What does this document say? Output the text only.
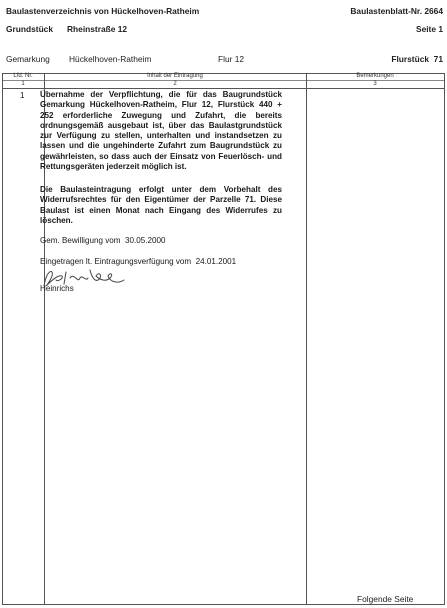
Baulastenverzeichnis von Hückelhoven-Ratheim	Baulastenblatt-Nr. 2664
Grundstück Rheinstraße 12	Seite 1
Gemarkung Hückelhoven-Ratheim	Flur 12	Flurstück  71
Lfd. Nr.	Inhalt der Eintragung	Bemerkungen
1	2	3
1 Übernahme der Verpflichtung, die für das Baugrundstück
Gemarkung Hückelhoven-Ratheim, Flur 12, Flurstück 440 +
252 erforderliche Zuwegung und Zufahrt, die bereits
ordnungsgemäß ausgebaut ist, über das Baulastgrundstück
zur Verfügung zu stellen, unterhalten und instandsetzen zu
lassen und die ungehinderte Zufahrt zum Baugrundstück zu
gewährleisten, so dass auch der Einsatz von Feuerlösch- und
Rettungsgeräten jederzeit möglich ist.
Die Baulasteintragung erfolgt unter dem Vorbehalt des
Widerrufsrechtes für den Eigentümer der Parzelle 71. Diese
Baulast ist einen Monat nach Eingang des Widerrufes zu
löschen.
Gem. Bewilligung vom  30.05.2000
Eingetragen lt. Eintragungsverfügung vom  24.01.2001
Heinrichs
Folgende Seite
